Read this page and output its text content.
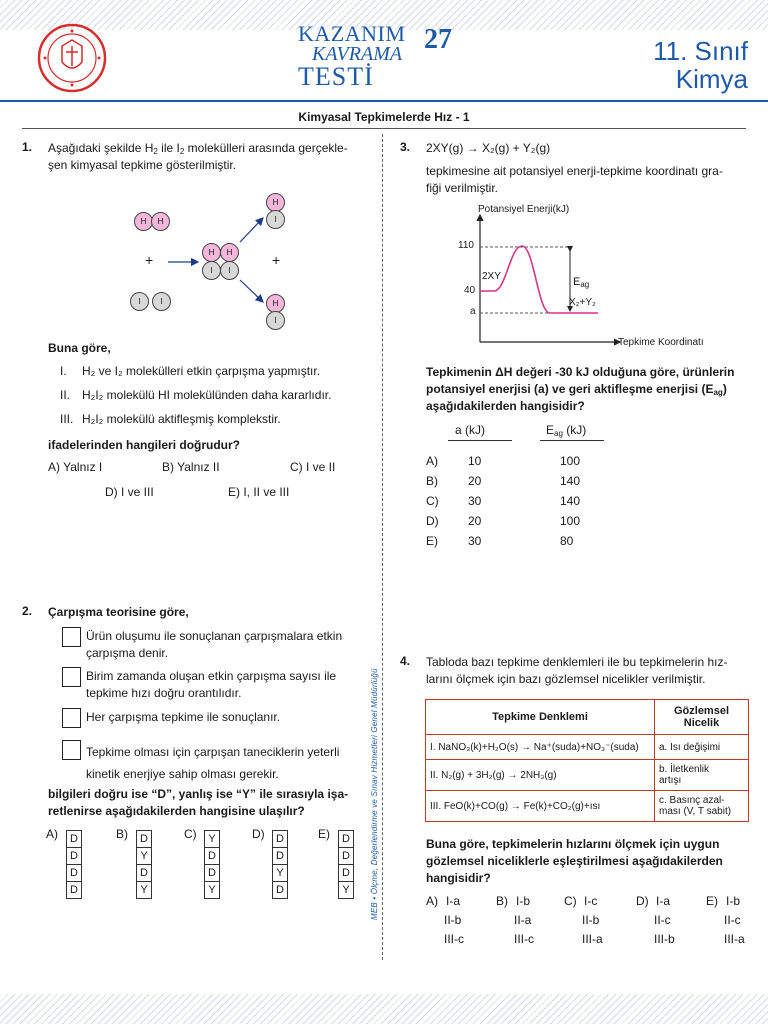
KAZANIM
KAVRAMA
TESTİ
27	11. Sınıf
Kimya
Kimyasal Tepkimelerde Hız - 1
MEB • Ölçme, Değerlendirme ve Sınav Hizmetleri Genel Müdürlüğü
1. Aşağıdaki şekilde $H_2$ ile $I_2$ molekülleri arasında gerçekle-
şen kimyasal tepkime gösterilmiştir.
H	H
+
I	I
H	H
I	I
H
I
+
H
I
Buna göre,
I. H₂ ve I₂ molekülleri etkin çarpışma yapmıştır.
II. H₂I₂ molekülü HI molekülünden daha kararlıdır.
III. H₂I₂ molekülü aktifleşmiş komplekstir.
ifadelerinden hangileri doğrudur?
A) Yalnız I	B) Yalnız II	C) I ve II
D) I ve III	E) I, II ve III
2. Çarpışma teorisine göre,
Ürün oluşumu ile sonuçlanan çarpışmalara etkin
çarpışma denir.
Birim zamanda oluşan etkin çarpışma sayısı ile
tepkime hızı doğru orantılıdır.
Her çarpışma tepkime ile sonuçlanır.
Tepkime olması için çarpışan taneciklerin yeterli
kinetik enerjiye sahip olması gerekir.
bilgileri doğru ise “D”, yanlış ise “Y” ile sırasıyla işa-
retlenirse aşağıdakilerden hangisine ulaşılır?
A) D
D
D
D
B) D
Y
D
Y
C) Y
D
D
Y
D) D
D
Y
D
E) D
D
D
Y
3. 2XY(g) → X₂(g) + Y₂(g)
tepkimesine ait potansiyel enerji-tepkime koordinatı gra-
fiği verilmiştir.
Potansiyel Enerji(kJ)
Tepkime Koordinatı
110
40
a
2XY
X₂+Y₂
$E_{ag}$
Tepkimenin ΔH değeri -30 kJ olduğuna göre, ürünlerin
potansiyel enerjisi (a) ve geri aktifleşme enerjisi $(E_{ag})$
aşağıdakilerden hangisidir?
a (kJ)	$E_{ag}$ (kJ)
A)	10	100
B)	20	140
C) 30	140
D) 20	100
E)	30	80
4. Tabloda bazı tepkime denklemleri ile bu tepkimelerin hız-
larını ölçmek için bazı gözlemsel nicelikler verilmiştir.
Tepkime Denklemi	Gözlemsel
Nicelik

I. NaNO₃(k)+H₂O(s) → Na⁺(suda)+NO₃⁻(suda)	a. Isı değişimi

II. N₂(g) + 3H₂(g) → 2NH₃(g)	b. İletkenlik
artışı

III. FeO(k)+CO(g) → Fe(k)+CO₂(g)+ısı	c. Basınç azal-
ması (V, T sabit)
Buna göre, tepkimelerin hızlarını ölçmek için uygun
gözlemsel niceliklerle eşleştirilmesi aşağıdakilerden
hangisidir?
A) I-a
II-b
III-c
B) I-b
II-a
III-c
C) I-c
II-b
III-a
D) I-a
II-c
III-b
E) I-b
II-c
III-a
